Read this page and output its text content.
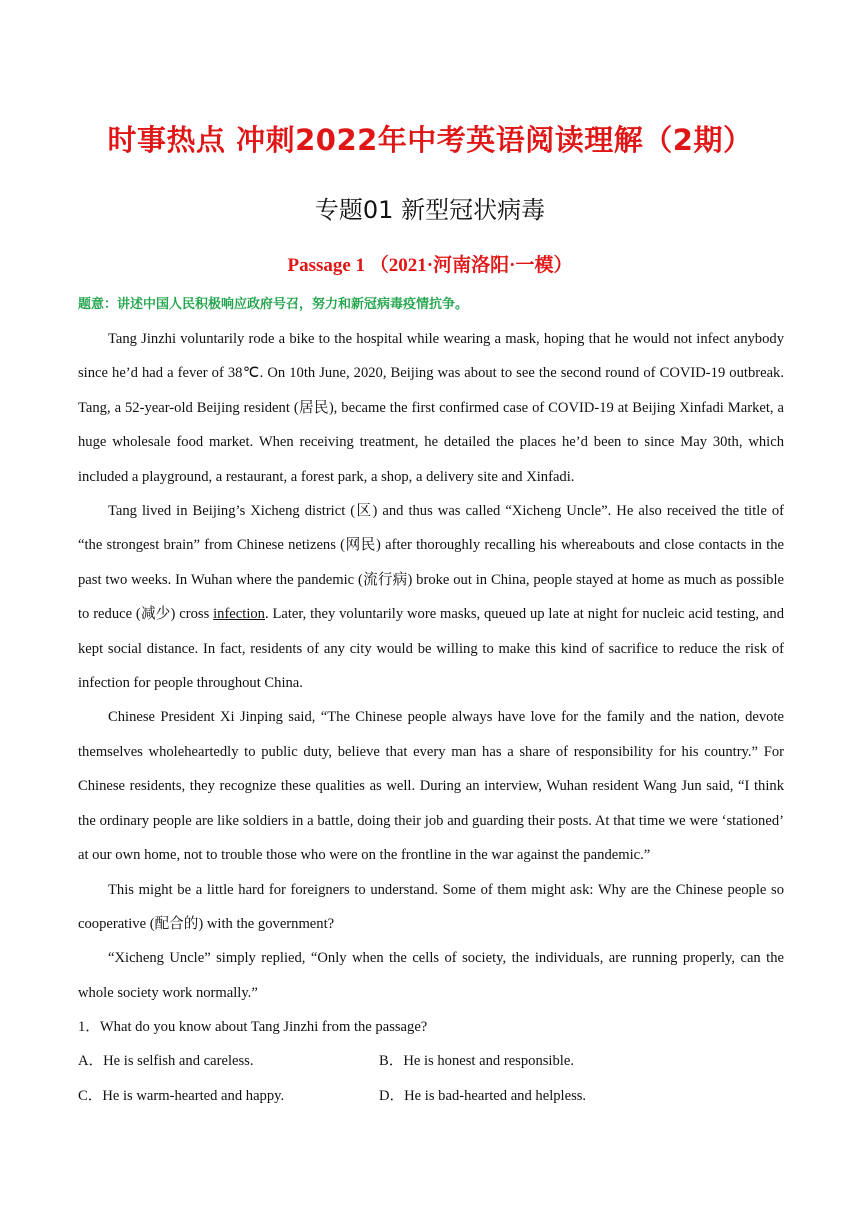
时事热点 冲刺2022年中考英语阅读理解（2期）
专题01 新型冠状病毒
Passage 1 （2021·河南洛阳·一模）
题意：讲述中国人民积极响应政府号召，努力和新冠病毒疫情抗争。

Tang Jinzhi voluntarily rode a bike to the hospital while wearing a mask, hoping that he would not infect anybody since he’d had a fever of 38℃. On 10th June, 2020, Beijing was about to see the second round of COVID-19 outbreak. Tang, a 52-year-old Beijing resident (居民), became the first confirmed case of COVID-19 at Beijing Xinfadi Market, a huge wholesale food market. When receiving treatment, he detailed the places he’d been to since May 30th, which included a playground, a restaurant, a forest park, a shop, a delivery site and Xinfadi.

Tang lived in Beijing’s Xicheng district (区) and thus was called “Xicheng Uncle”. He also received the title of “the strongest brain” from Chinese netizens (网民) after thoroughly recalling his whereabouts and close contacts in the past two weeks. In Wuhan where the pandemic (流行病) broke out in China, people stayed at home as much as possible to reduce (减少) cross infection. Later, they voluntarily wore masks, queued up late at night for nucleic acid testing, and kept social distance. In fact, residents of any city would be willing to make this kind of sacrifice to reduce the risk of infection for people throughout China.

Chinese President Xi Jinping said, “The Chinese people always have love for the family and the nation, devote themselves wholeheartedly to public duty, believe that every man has a share of responsibility for his country.” For Chinese residents, they recognize these qualities as well. During an interview, Wuhan resident Wang Jun said, “I think the ordinary people are like soldiers in a battle, doing their job and guarding their posts. At that time we were ‘stationed’ at our own home, not to trouble those who were on the frontline in the war against the pandemic.”

This might be a little hard for foreigners to understand. Some of them might ask: Why are the Chinese people so cooperative (配合的) with the government?

“Xicheng Uncle” simply replied, “Only when the cells of society, the individuals, are running properly, can the whole society work normally.”

1．What do you know about Tang Jinzhi from the passage?
A．He is selfish and careless.	B．He is honest and responsible.
C．He is warm-hearted and happy.	D．He is bad-hearted and helpless.
